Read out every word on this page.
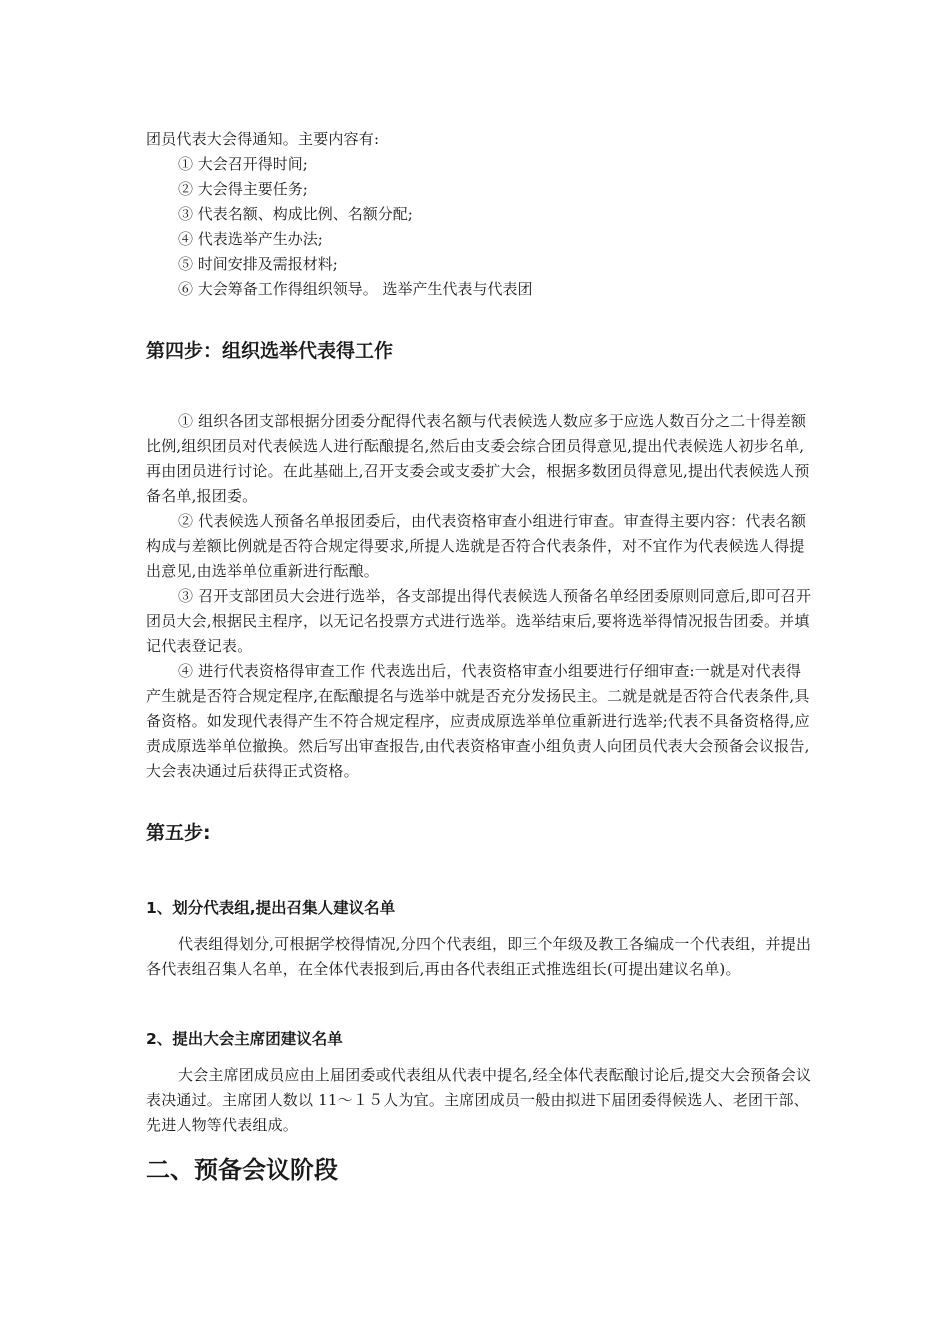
团员代表大会得通知。主要内容有:

① 大会召开得时间;

② 大会得主要任务;

③ 代表名额、构成比例、名额分配;

④ 代表选举产生办法;

⑤ 时间安排及需报材料;

⑥ 大会筹备工作得组织领导。 选举产生代表与代表团

第四步：组织选举代表得工作

① 组织各团支部根据分团委分配得代表名额与代表候选人数应多于应选人数百分之二十得差额比例,组织团员对代表候选人进行酝酿提名,然后由支委会综合团员得意见,提出代表候选人初步名单,再由团员进行讨论。在此基础上,召开支委会或支委扩大会，根据多数团员得意见,提出代表候选人预备名单,报团委。

② 代表候选人预备名单报团委后，由代表资格审查小组进行审查。审查得主要内容：代表名额构成与差额比例就是否符合规定得要求,所提人选就是否符合代表条件，对不宜作为代表候选人得提出意见,由选举单位重新进行酝酿。

③ 召开支部团员大会进行选举，各支部提出得代表候选人预备名单经团委原则同意后,即可召开团员大会,根据民主程序，以无记名投票方式进行选举。选举结束后,要将选举得情况报告团委。并填记代表登记表。

④ 进行代表资格得审查工作 代表选出后，代表资格审查小组要进行仔细审查:一就是对代表得产生就是否符合规定程序,在酝酿提名与选举中就是否充分发扬民主。二就是就是否符合代表条件,具备资格。如发现代表得产生不符合规定程序，应责成原选举单位重新进行选举;代表不具备资格得,应责成原选举单位撤换。然后写出审查报告,由代表资格审查小组负责人向团员代表大会预备会议报告,大会表决通过后获得正式资格。

第五步:
1、划分代表组,提出召集人建议名单

代表组得划分,可根据学校得情况,分四个代表组，即三个年级及教工各编成一个代表组，并提出各代表组召集人名单，在全体代表报到后,再由各代表组正式推选组长(可提出建议名单)。

2、提出大会主席团建议名单

大会主席团成员应由上届团委或代表组从代表中提名,经全体代表酝酿讨论后,提交大会预备会议表决通过。主席团人数以 11～１５人为宜。主席团成员一般由拟进下届团委得候选人、老团干部、先进人物等代表组成。

二、预备会议阶段
